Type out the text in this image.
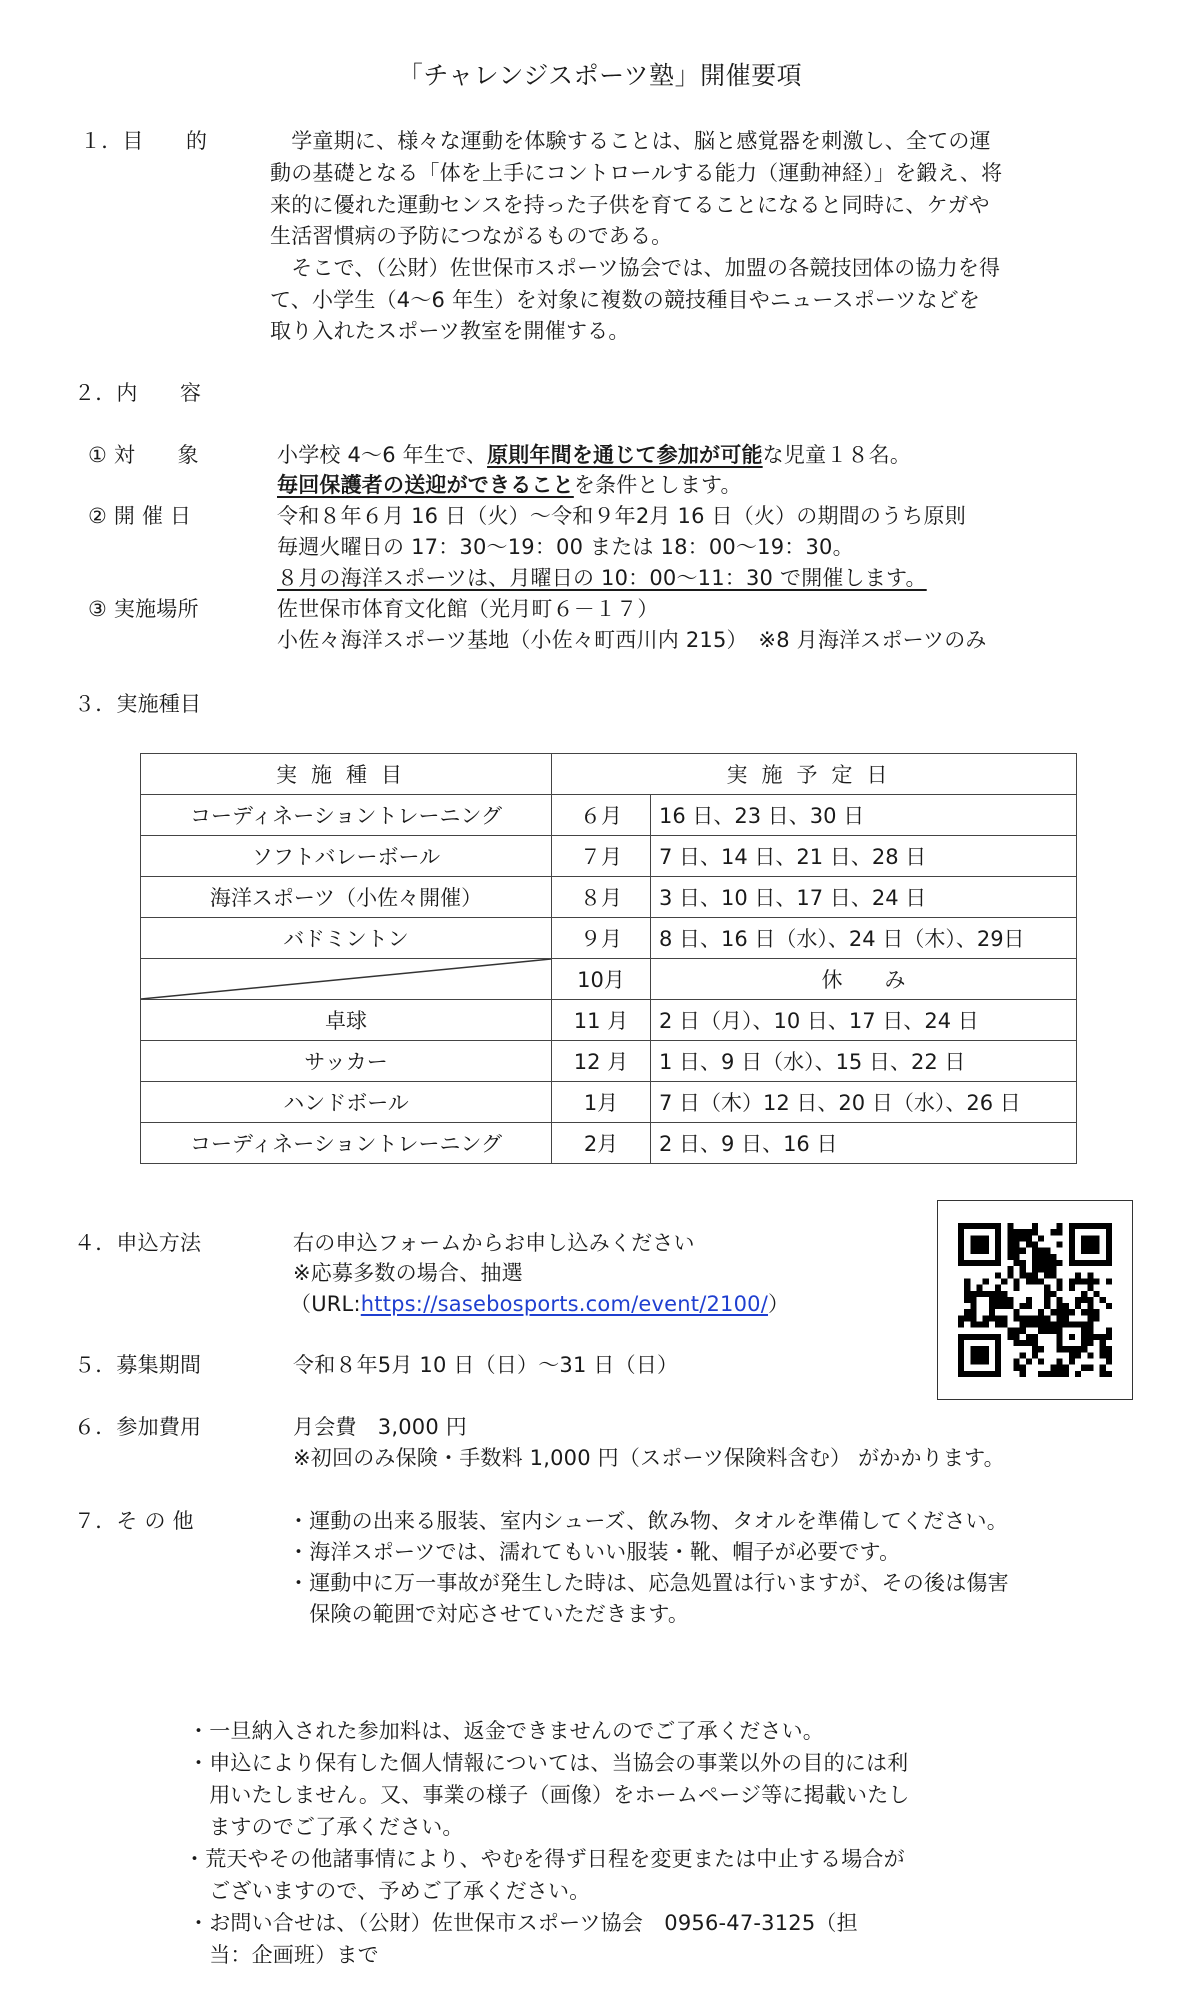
「チャレンジスポーツ塾」開催要項
１．目　　的	　学童期に、様々な運動を体験することは、脳と感覚器を刺激し、全ての運
動の基礎となる「体を上手にコントロールする能力（運動神経）」を鍛え、将
来的に優れた運動センスを持った子供を育てることになると同時に、ケガや
生活習慣病の予防につながるものである。
　そこで、（公財）佐世保市スポーツ協会では、加盟の各競技団体の協力を得
て、小学生（4～6 年生）を対象に複数の競技種目やニュースポーツなどを
取り入れたスポーツ教室を開催する。
２．内　　容
① 対　　象	小学校 4～6 年生で、原則年間を通じて参加が可能な児童１８名。
毎回保護者の送迎ができることを条件とします。
② 開 催 日	令和８年６月 16 日（火）～令和９年2月 16 日（火）の期間のうち原則
毎週火曜日の 17：30～19：00 または 18：00～19：30。
８月の海洋スポーツは、月曜日の 10：00～11：30 で開催します。
③ 実施場所	佐世保市体育文化館（光月町６－１７）
小佐々海洋スポーツ基地（小佐々町西川内 215）　※8 月海洋スポーツのみ
３．実施種目
実施種目	実施予定日	
コーディネーショントレーニング	６月	16 日、23 日、30 日
ソフトバレーボール	７月	7 日、14 日、21 日、28 日
海洋スポーツ（小佐々開催）	８月	3 日、10 日、17 日、24 日
バドミントン	９月	8 日、16 日（水）、24 日（木）、29日

	10月	休　　み
卓球	11 月	2 日（月）、10 日、17 日、24 日
サッカー	12 月	1 日、9 日（水）、15 日、22 日
ハンドボール	1月	7 日（木）12 日、20 日（水）、26 日
コーディネーショントレーニング	2月	2 日、9 日、16 日
４．申込方法	右の申込フォームからお申し込みください
※応募多数の場合、抽選
（URL:https://sasebosports.com/event/2100/）
５．募集期間	令和８年5月 10 日（日）～31 日（日）
６．参加費用	月会費　3,000 円
※初回のみ保険・手数料 1,000 円（スポーツ保険料含む） がかかります。
７．そ の 他	・運動の出来る服装、室内シューズ、飲み物、タオルを準備してください。
・海洋スポーツでは、濡れてもいい服装・靴、帽子が必要です。
・運動中に万一事故が発生した時は、応急処置は行いますが、その後は傷害
　保険の範囲で対応させていただきます。
・一旦納入された参加料は、返金できませんのでご了承ください。
・申込により保有した個人情報については、当協会の事業以外の目的には利
　用いたしません。又、事業の様子（画像）をホームページ等に掲載いたし
　ますのでご了承ください。
・荒天やその他諸事情により、やむを得ず日程を変更または中止する場合が
　ございますので、予めご了承ください。
・お問い合せは、（公財）佐世保市スポーツ協会　0956-47-3125（担
　当：企画班）まで
